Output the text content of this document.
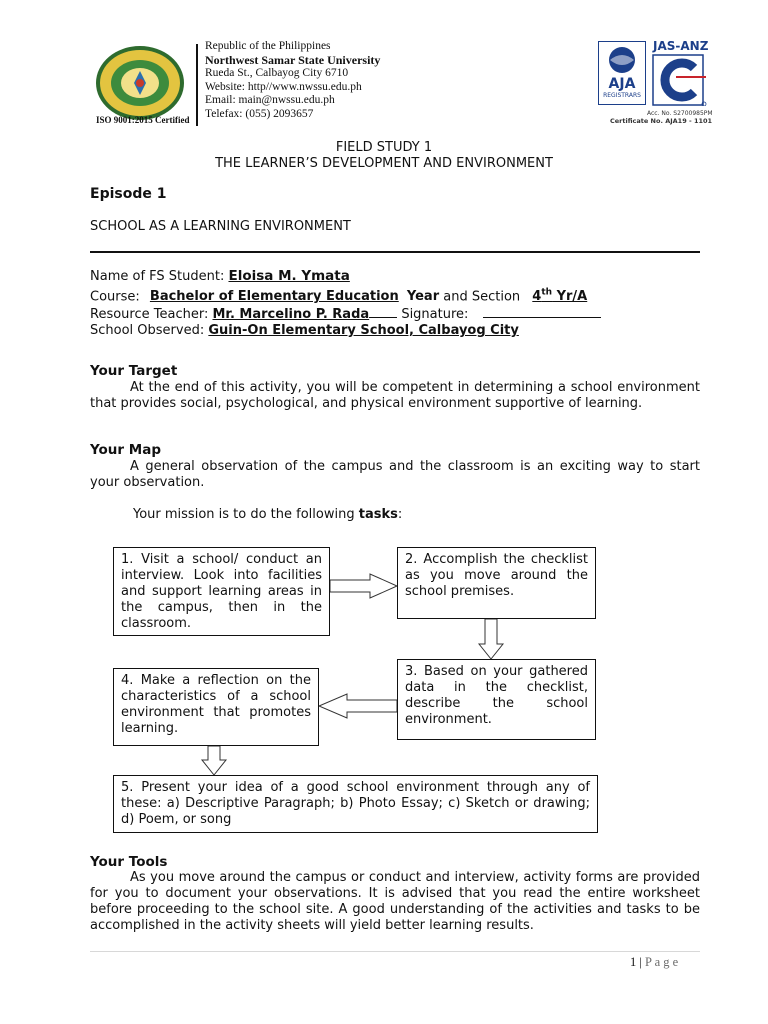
ISO 9001:2015 Certified
Republic of the Philippines
Northwest Samar State University
Rueda St., Calbayog City 6710
Website: http//www.nwssu.edu.ph
Email: main@nwssu.edu.ph
Telefax: (055) 2093657
AJA
REGISTRARS
JAS-ANZ
Acc. No. S2700985PM
Certificate No. AJA19 - 1101
FIELD STUDY 1
THE LEARNER’S DEVELOPMENT AND ENVIRONMENT
Episode 1
SCHOOL AS A LEARNING ENVIRONMENT
Name of FS Student: Eloisa M. Ymata
Course: Bachelor of Elementary Education Year and Section 4th Yr/A
Resource Teacher: Mr. Marcelino P. Rada Signature:
School Observed: Guin-On Elementary School, Calbayog City
Your Target
At the end of this activity, you will be competent in determining a school environment that provides social, psychological, and physical environment supportive of learning.
Your Map
A general observation of the campus and the classroom is an exciting way to start your observation.
Your mission is to do the following tasks:
1. Visit a school/ conduct an interview. Look into facilities and support learning areas in the campus, then in the classroom.
2. Accomplish the checklist as you move around the school premises.
3. Based on your gathered data in the checklist, describe the school environment.
4. Make a reflection on the characteristics of a school environment that promotes learning.
5. Present your idea of a good school environment through any of these: a) Descriptive Paragraph; b) Photo Essay; c) Sketch or drawing; d) Poem, or song
Your Tools
As you move around the campus or conduct and interview, activity forms are provided for you to document your observations. It is advised that you read the entire worksheet before proceeding to the school site. A good understanding of the activities and tasks to be accomplished in the activity sheets will yield better learning results.
1 | P a g e
